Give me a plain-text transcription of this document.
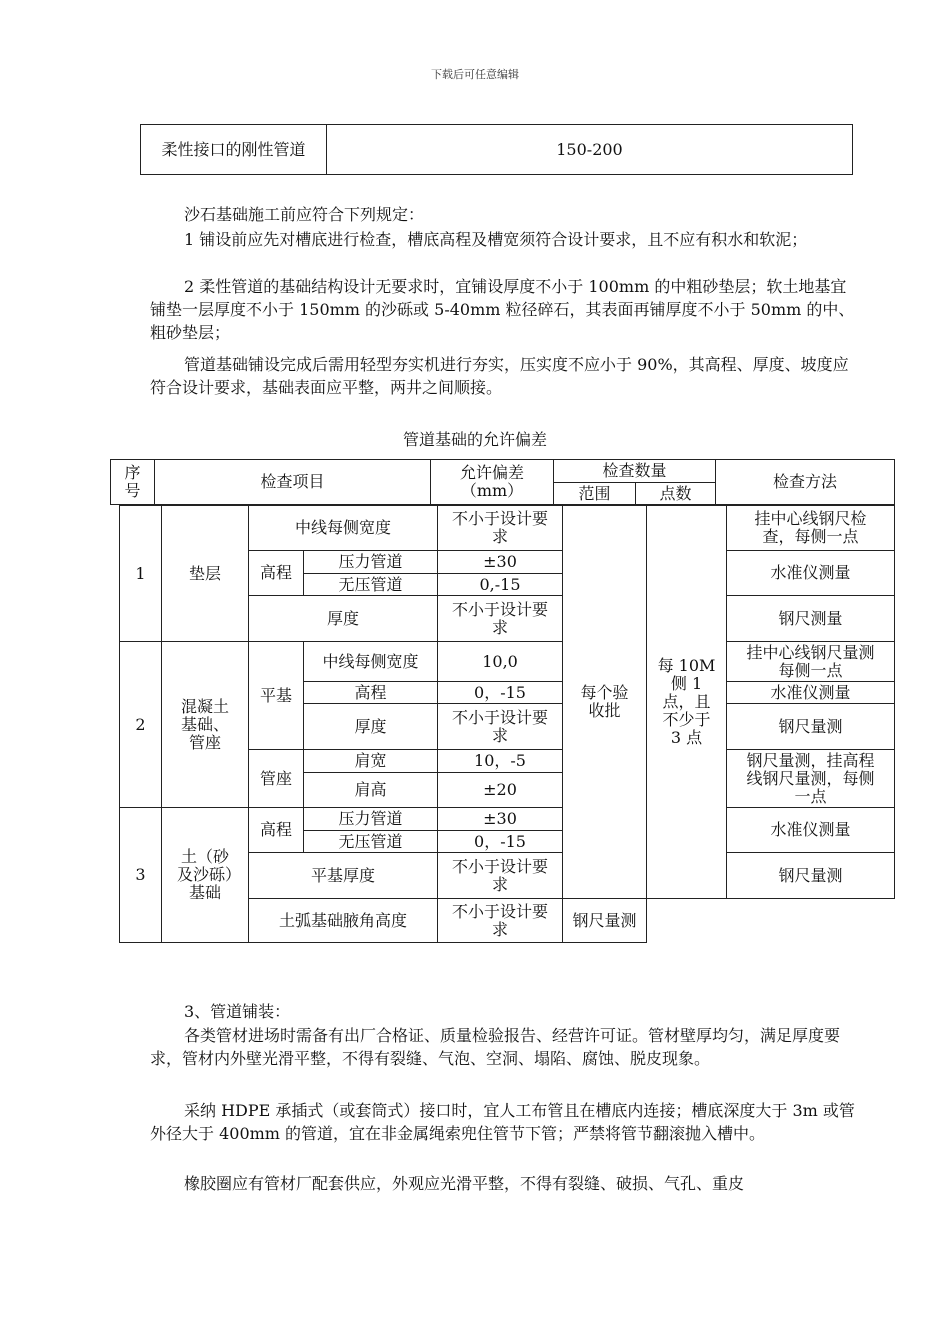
下载后可任意编辑
柔性接口的刚性管道	150-200
沙石基础施工前应符合下列规定：
1 铺设前应先对槽底进行检查，槽底高程及槽宽须符合设计要求，且不应有积水和软泥；
2 柔性管道的基础结构设计无要求时，宜铺设厚度不小于 100mm 的中粗砂垫层；软土地基宜铺垫一层厚度不小于 150mm 的沙砾或 5-40mm 粒径碎石，其表面再铺厚度不小于 50mm 的中、粗砂垫层；
管道基础铺设完成后需用轻型夯实机进行夯实，压实度不应小于 90%，其高程、厚度、坡度应符合设计要求，基础表面应平整，两井之间顺接。
管道基础的允许偏差
序号	检查项目	允许偏差（mm）	检查数量		检查方法
			范围	点数	
1	垫层	中线每侧宽度		不小于设计要求	每个验收批	每 10M 侧 1 点，且不少于 3 点	挂中心线钢尺检查，每侧一点
		高程	压力管道	±30			水准仪测量
			无压管道	0,-15			
		厚度		不小于设计要求			钢尺测量
2	混凝土基础、管座	平基	中线每侧宽度	10,0			挂中心线钢尺量测每侧一点
			高程	0，-15			水准仪测量
			厚度	不小于设计要求			钢尺量测
		管座	肩宽	10，-5			钢尺量测，挂高程线钢尺量测，每侧一点
			肩高	±20			
3	土（砂及沙砾）基础	高程	压力管道	±30			水准仪测量
			无压管道	0，-15			
		平基厚度		不小于设计要求			钢尺量测
		土弧基础腋角高度		不小于设计要求	钢尺量测		
3、管道铺装：
各类管材进场时需备有出厂合格证、质量检验报告、经营许可证。管材壁厚均匀，满足厚度要求，管材内外壁光滑平整，不得有裂缝、气泡、空洞、塌陷、腐蚀、脱皮现象。
采纳 HDPE 承插式（或套筒式）接口时，宜人工布管且在槽底内连接；槽底深度大于 3m 或管外径大于 400mm 的管道，宜在非金属绳索兜住管节下管；严禁将管节翻滚抛入槽中。
橡胶圈应有管材厂配套供应，外观应光滑平整，不得有裂缝、破损、气孔、重皮
